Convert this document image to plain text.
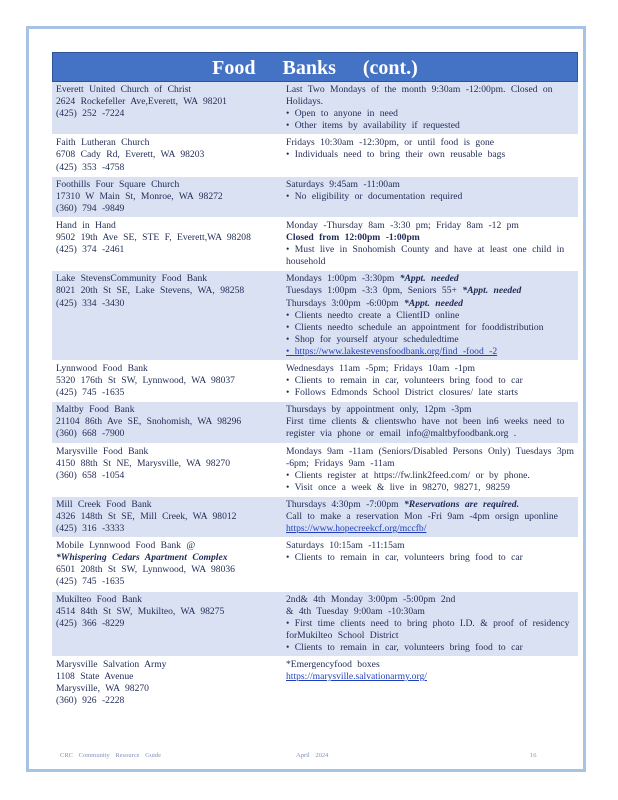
Food Banks (cont.)
Everett United Church of Christ
2624 Rockefeller Ave,Everett, WA 98201
(425) 252 -7224
Last Two Mondays of the month 9:30am -12:00pm. Closed on Holidays.
• Open to anyone in need
• Other items by availability if requested
Faith Lutheran Church
6708 Cady Rd, Everett, WA 98203
(425) 353 -4758
Fridays 10:30am -12:30pm, or until food is gone
• Individuals need to bring their own reusable bags
Foothills Four Square Church
17310 W Main St, Monroe, WA 98272
(360) 794 -9849
Saturdays 9:45am -11:00am
• No eligibility or documentation required
Hand in Hand
9502 19th Ave SE, STE F, Everett,WA 98208
(425) 374 -2461
Monday -Thursday 8am -3:30 pm; Friday 8am -12 pm
Closed from 12:00pm -1:00pm
• Must live in Snohomish County and have at least one child in household
Lake StevensCommunity Food Bank
8021 20th St SE, Lake Stevens, WA, 98258
(425) 334 -3430
Mondays 1:00pm -3:30pm *Appt. needed
Tuesdays 1:00pm -3:3 0pm, Seniors 55+ *Appt. needed
Thursdays 3:00pm -6:00pm *Appt. needed
• Clients needto create a ClientID online
• Clients needto schedule an appointment for fooddistribution
• Shop for yourself atyour scheduledtime
• https://www.lakestevensfoodbank.org/find -food -2
Lynnwood Food Bank
5320 176th St SW, Lynnwood, WA 98037
(425) 745 -1635
Wednesdays 11am -5pm; Fridays 10am -1pm
• Clients to remain in car, volunteers bring food to car
• Follows Edmonds School District closures/ late starts
Maltby Food Bank
21104 86th Ave SE, Snohomish, WA 98296
(360) 668 -7900
Thursdays by appointment only, 12pm -3pm
First time clients & clientswho have not been in6 weeks need to
register via phone or email info@maltbyfoodbank.org .
Marysville Food Bank
4150 88th St NE, Marysville, WA 98270
(360) 658 -1054
Mondays 9am -11am (Seniors/Disabled Persons Only) Tuesdays 3pm -6pm; Fridays 9am -11am
• Clients register at https://fw.link2feed.com/ or by phone.
• Visit once a week & live in 98270, 98271, 98259
Mill Creek Food Bank
4326 148th St SE, Mill Creek, WA 98012
(425) 316 -3333
Thursdays 4:30pm -7:00pm *Reservations are required.
Call to make a reservation Mon -Fri 9am -4pm orsign uponline
https://www.hopecreekcf.org/mccfb/
Mobile Lynnwood Food Bank @
*Whispering Cedars Apartment Complex
6501 208th St SW, Lynnwood, WA 98036
(425) 745 -1635
Saturdays 10:15am -11:15am
• Clients to remain in car, volunteers bring food to car
Mukilteo Food Bank
4514 84th St SW, Mukilteo, WA 98275
(425) 366 -8229
2nd& 4th Monday 3:00pm -5:00pm 2nd
& 4th Tuesday 9:00am -10:30am
• First time clients need to bring photo I.D. & proof of residency forMukilteo School District
• Clients to remain in car, volunteers bring food to car
Marysville Salvation Army
1108 State Avenue
Marysville, WA 98270
(360) 926 -2228
*Emergencyfood boxes
https://marysville.salvationarmy.org/
CRC Community Resource Guide	April 2024	16
